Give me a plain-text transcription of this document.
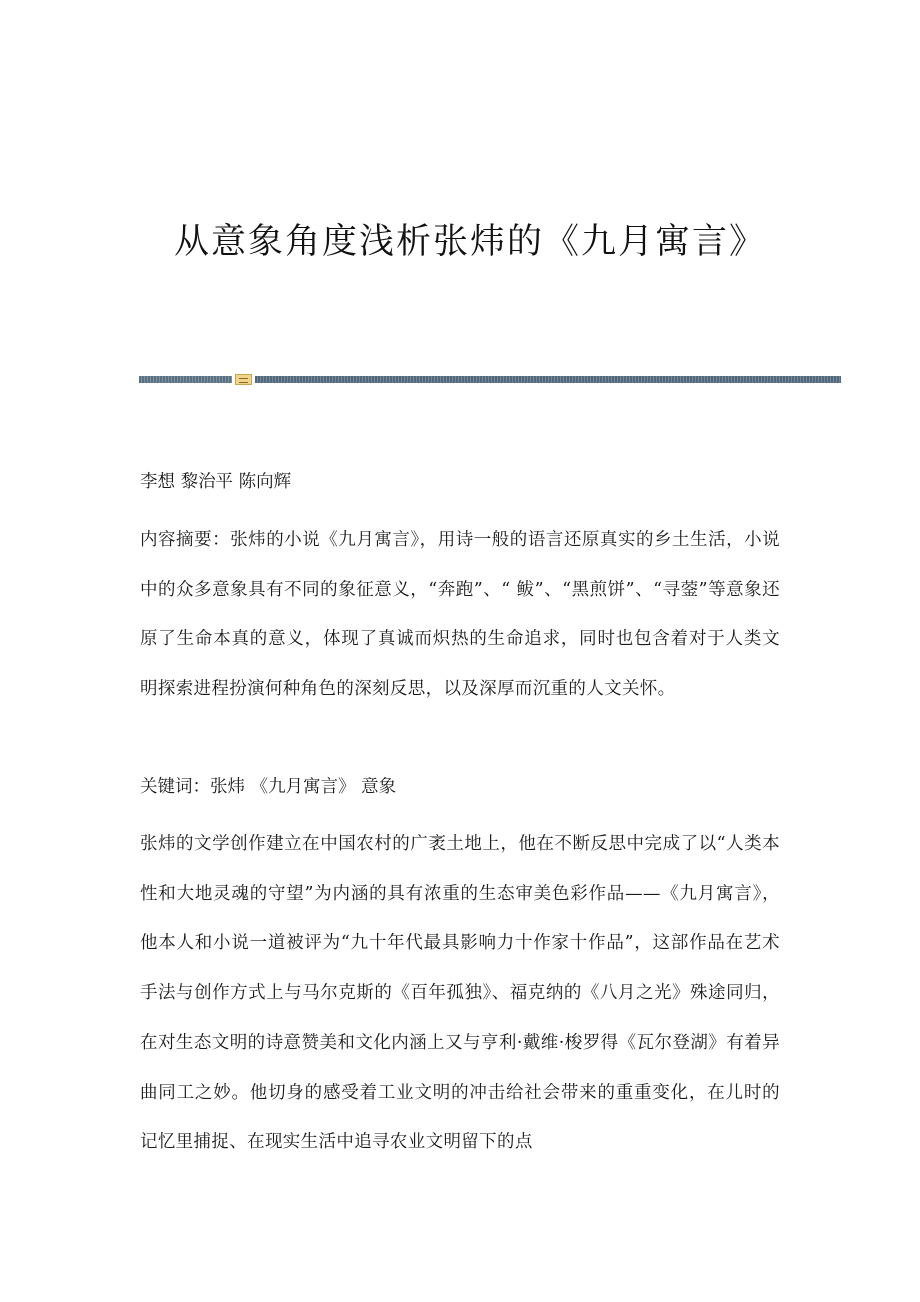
从意象角度浅析张炜的《九月寓言》

李想 黎治平 陈向辉

内容摘要：张炜的小说《九月寓言》，用诗一般的语言还原真实的乡土生活，小说中的众多意象具有不同的象征意义，“奔跑”、“ 鲅”、“黑煎饼”、“寻蓥”等意象还原了生命本真的意义，体现了真诚而炽热的生命追求，同时也包含着对于人类文明探索进程扮演何种角色的深刻反思，以及深厚而沉重的人文关怀。

关键词：张炜 《九月寓言》 意象

张炜的文学创作建立在中国农村的广袤土地上，他在不断反思中完成了以“人类本性和大地灵魂的守望”为内涵的具有浓重的生态审美色彩作品——《九月寓言》，他本人和小说一道被评为“九十年代最具影响力十作家十作品”，这部作品在艺术手法与创作方式上与马尔克斯的《百年孤独》、福克纳的《八月之光》殊途同归，在对生态文明的诗意赞美和文化内涵上又与亨利·戴维·梭罗得《瓦尔登湖》有着异曲同工之妙。他切身的感受着工业文明的冲击给社会带来的重重变化，在儿时的记忆里捕捉、在现实生活中追寻农业文明留下的点
